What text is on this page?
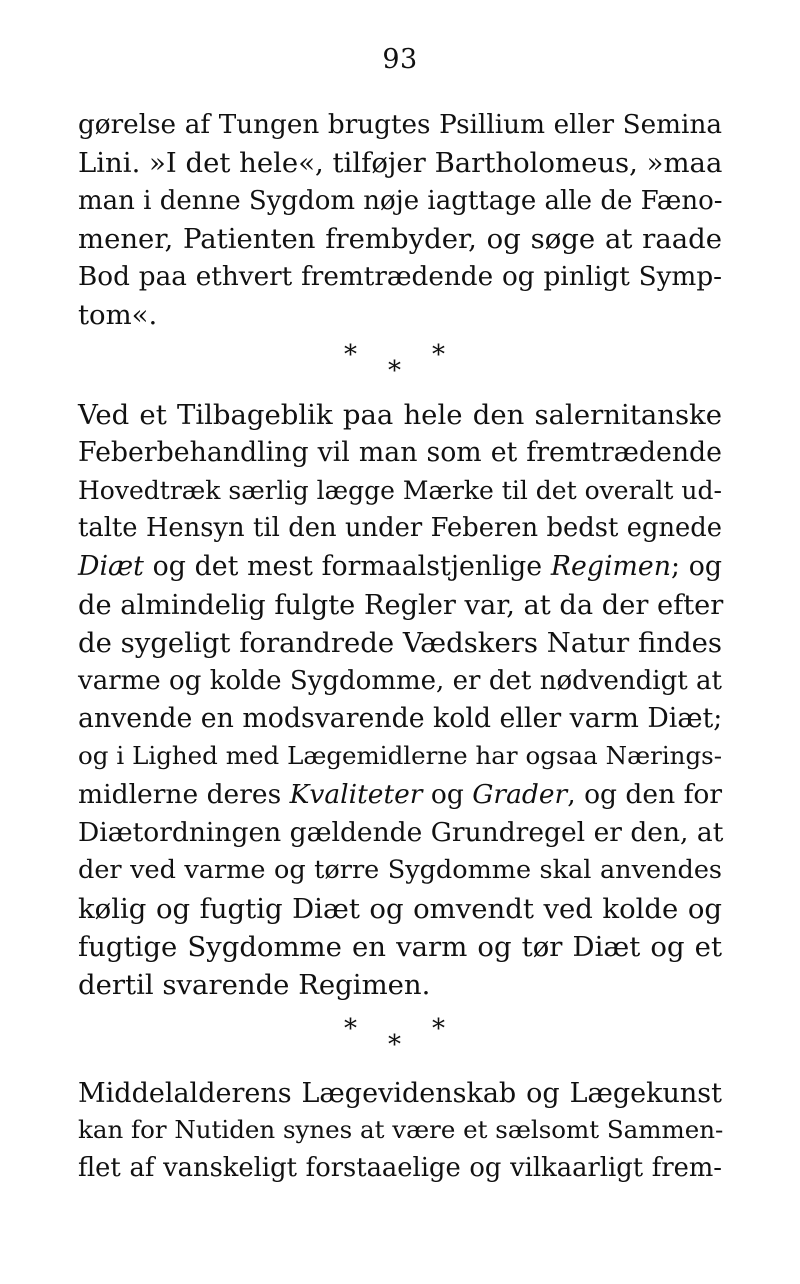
93
gørelse af Tungen brugtes Psillium eller Semina
Lini. »I det hele«, tilføjer Bartholomeus, »maa
man i denne Sygdom nøje iagttage alle de Fæno-
mener, Patienten frembyder, og søge at raade
Bod paa ethvert fremtrædende og pinligt Symp-
tom«.
*	*
*
Ved et Tilbageblik paa hele den salernitanske
Feberbehandling vil man som et fremtrædende
Hovedtræk særlig lægge Mærke til det overalt ud-
talte Hensyn til den under Feberen bedst egnede
Diæt og det mest formaalstjenlige Regimen; og
de almindelig fulgte Regler var, at da der efter
de sygeligt forandrede Vædskers Natur findes
varme og kolde Sygdomme, er det nødvendigt at
anvende en modsvarende kold eller varm Diæt;
og i Lighed med Lægemidlerne har ogsaa Nærings-
midlerne deres Kvaliteter og Grader, og den for
Diætordningen gældende Grundregel er den, at
der ved varme og tørre Sygdomme skal anvendes
kølig og fugtig Diæt og omvendt ved kolde og
fugtige Sygdomme en varm og tør Diæt og et
dertil svarende Regimen.
*	*
*
Middelalderens Lægevidenskab og Lægekunst
kan for Nutiden synes at være et sælsomt Sammen-
flet af vanskeligt forstaaelige og vilkaarligt frem-
